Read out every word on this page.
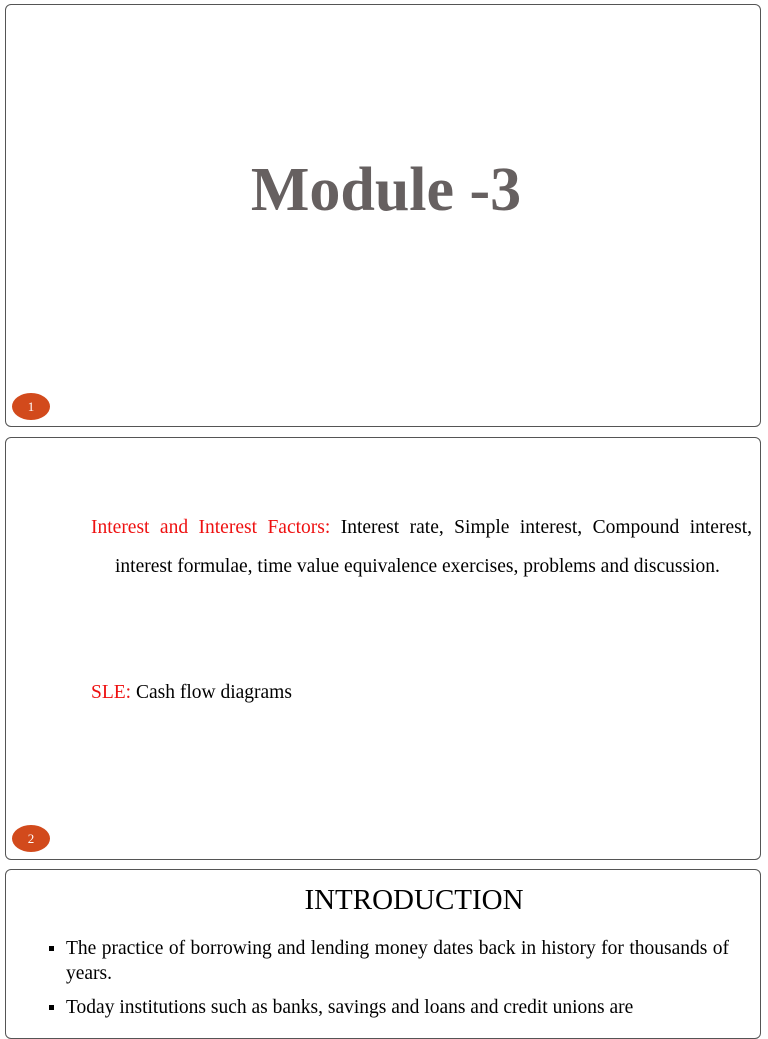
Module -3
1

Interest and Interest Factors: Interest rate, Simple interest, Compound interest, interest formulae, time value equivalence exercises, problems and discussion.

SLE: Cash flow diagrams

2
INTRODUCTION
The practice of borrowing and lending money dates back in history for thousands of years.
Today institutions such as banks, savings and loans and credit unions are
